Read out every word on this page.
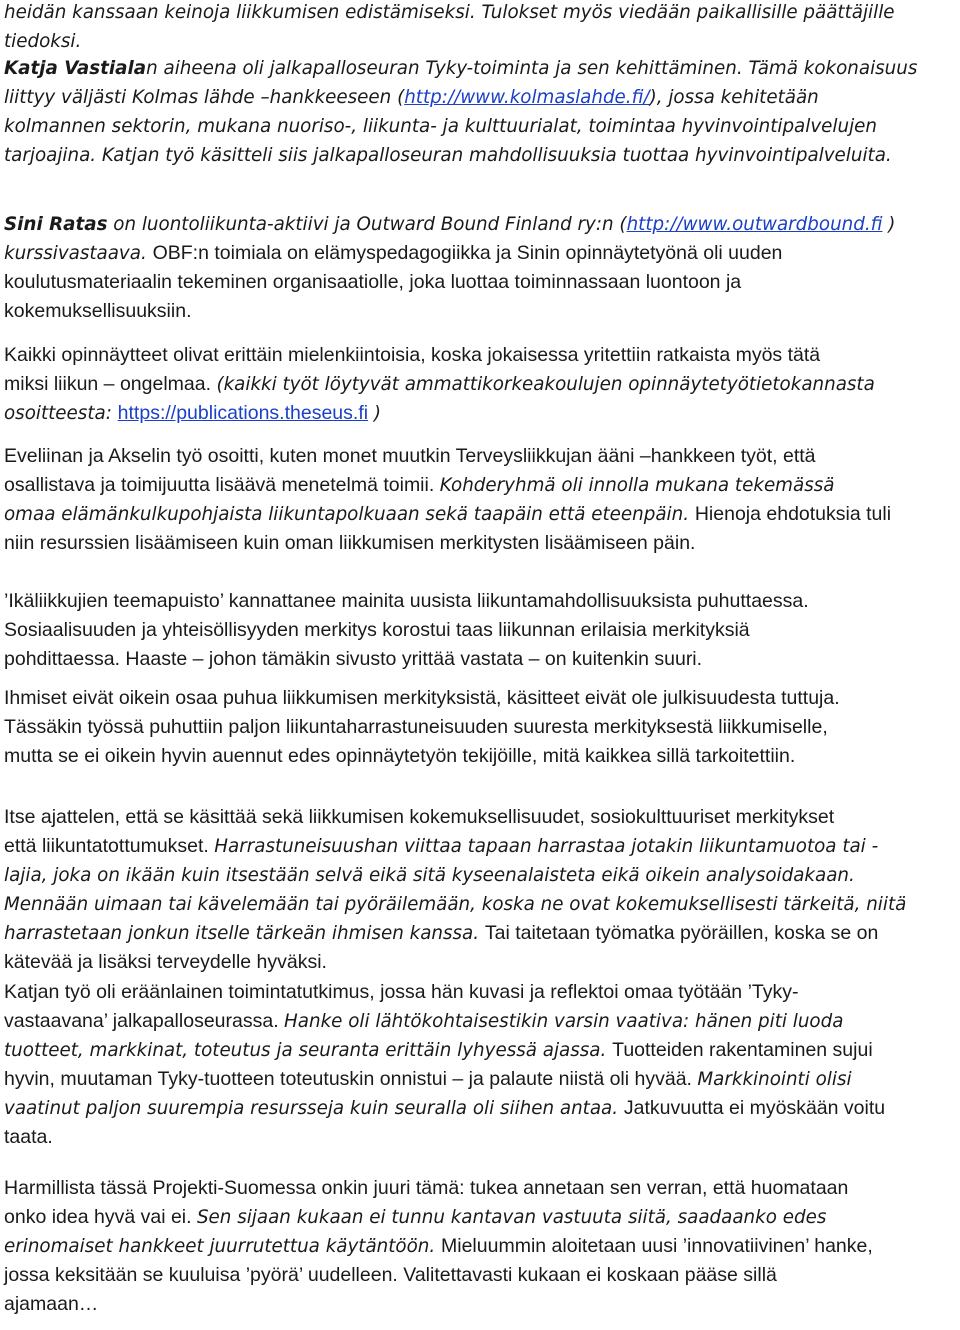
heidän kanssaan keinoja liikkumisen edistämiseksi. Tulokset myös viedään paikallisille päättäjille
tiedoksi.
Katja Vastialan aiheena oli jalkapalloseuran Tyky-toiminta ja sen kehittäminen. Tämä kokonaisuus
liittyy väljästi Kolmas lähde –hankkeeseen (http://www.kolmaslahde.fi/), jossa kehitetään
kolmannen sektorin, mukana nuoriso-, liikunta- ja kulttuurialat, toimintaa hyvinvointipalvelujen
tarjoajina. Katjan työ käsitteli siis jalkapalloseuran mahdollisuuksia tuottaa hyvinvointipalveluita.
Sini Ratas on luontoliikunta-aktiivi ja Outward Bound Finland ry:n (http://www.outwardbound.fi )
kurssivastaava. OBF:n toimiala on elämyspedagogiikka ja Sinin opinnäytetyönä oli uuden
koulutusmateriaalin tekeminen organisaatiolle, joka luottaa toiminnassaan luontoon ja
kokemuksellisuuksiin.
Kaikki opinnäytteet olivat erittäin mielenkiintoisia, koska jokaisessa yritettiin ratkaista myös tätä
miksi liikun – ongelmaa. (kaikki työt löytyvät ammattikorkeakoulujen opinnäytetyötietokannasta
osoitteesta: https://publications.theseus.fi )
Eveliinan ja Akselin työ osoitti, kuten monet muutkin Terveysliikkujan ääni –hankkeen työt, että
osallistava ja toimijuutta lisäävä menetelmä toimii. Kohderyhmä oli innolla mukana tekemässä
omaa elämänkulkupohjaista liikuntapolkuaan sekä taapäin että eteenpäin. Hienoja ehdotuksia tuli
niin resurssien lisäämiseen kuin oman liikkumisen merkitysten lisäämiseen päin.
’Ikäliikkujien teemapuisto’ kannattanee mainita uusista liikuntamahdollisuuksista puhuttaessa.
Sosiaalisuuden ja yhteisöllisyyden merkitys korostui taas liikunnan erilaisia merkityksiä
pohdittaessa. Haaste – johon tämäkin sivusto yrittää vastata – on kuitenkin suuri.
Ihmiset eivät oikein osaa puhua liikkumisen merkityksistä, käsitteet eivät ole julkisuudesta tuttuja.
Tässäkin työssä puhuttiin paljon liikuntaharrastuneisuuden suuresta merkityksestä liikkumiselle,
mutta se ei oikein hyvin auennut edes opinnäytetyön tekijöille, mitä kaikkea sillä tarkoitettiin.
Itse ajattelen, että se käsittää sekä liikkumisen kokemuksellisuudet, sosiokulttuuriset merkitykset
että liikuntatottumukset. Harrastuneisuushan viittaa tapaan harrastaa jotakin liikuntamuotoa tai -
lajia, joka on ikään kuin itsestään selvä eikä sitä kyseenalaisteta eikä oikein analysoidakaan.
Mennään uimaan tai kävelemään tai pyöräilemään, koska ne ovat kokemuksellisesti tärkeitä, niitä
harrastetaan jonkun itselle tärkeän ihmisen kanssa. Tai taitetaan työmatka pyöräillen, koska se on
kätevää ja lisäksi terveydelle hyväksi.
Katjan työ oli eräänlainen toimintatutkimus, jossa hän kuvasi ja reflektoi omaa työtään ’Tyky-
vastaavana’ jalkapalloseurassa. Hanke oli lähtökohtaisestikin varsin vaativa: hänen piti luoda
tuotteet, markkinat, toteutus ja seuranta erittäin lyhyessä ajassa. Tuotteiden rakentaminen sujui
hyvin, muutaman Tyky-tuotteen toteutuskin onnistui – ja palaute niistä oli hyvää. Markkinointi olisi
vaatinut paljon suurempia resursseja kuin seuralla oli siihen antaa. Jatkuvuutta ei myöskään voitu
taata.
Harmillista tässä Projekti-Suomessa onkin juuri tämä: tukea annetaan sen verran, että huomataan
onko idea hyvä vai ei. Sen sijaan kukaan ei tunnu kantavan vastuuta siitä, saadaanko edes
erinomaiset hankkeet juurrutettua käytäntöön. Mieluummin aloitetaan uusi ’innovatiivinen’ hanke,
jossa keksitään se kuuluisa ’pyörä’ uudelleen. Valitettavasti kukaan ei koskaan pääse sillä
ajamaan…
